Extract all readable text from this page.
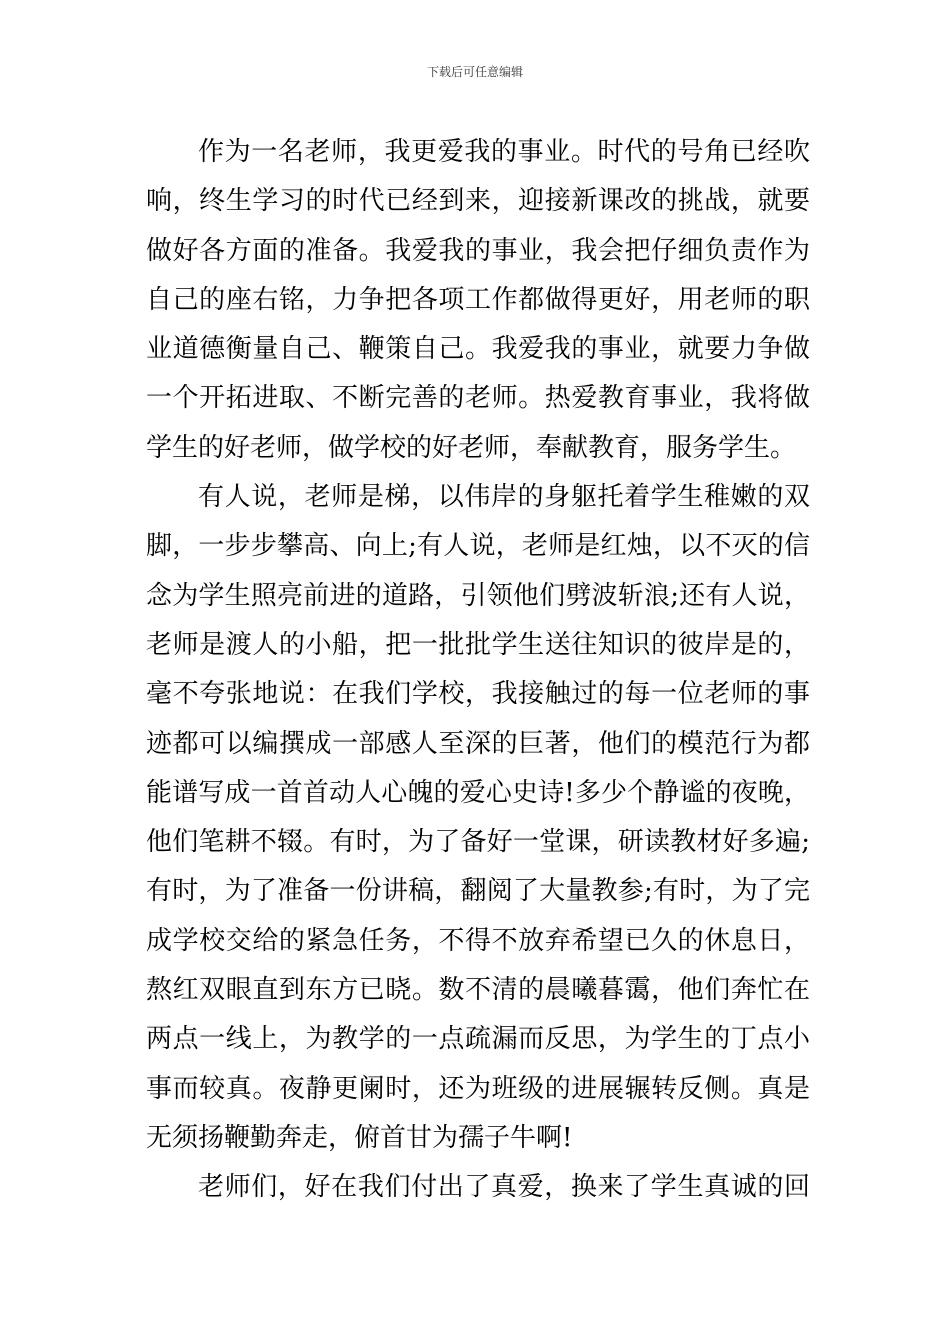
下载后可任意编辑
作为一名老师，我更爱我的事业。时代的号角已经吹
响，终生学习的时代已经到来，迎接新课改的挑战，就要
做好各方面的准备。我爱我的事业，我会把仔细负责作为
自己的座右铭，力争把各项工作都做得更好，用老师的职
业道德衡量自己、鞭策自己。我爱我的事业，就要力争做
一个开拓进取、不断完善的老师。热爱教育事业，我将做
学生的好老师，做学校的好老师，奉献教育，服务学生。
有人说，老师是梯，以伟岸的身躯托着学生稚嫩的双
脚，一步步攀高、向上;有人说，老师是红烛，以不灭的信
念为学生照亮前进的道路，引领他们劈波斩浪;还有人说，
老师是渡人的小船，把一批批学生送往知识的彼岸是的，
毫不夸张地说：在我们学校，我接触过的每一位老师的事
迹都可以编撰成一部感人至深的巨著，他们的模范行为都
能谱写成一首首动人心魄的爱心史诗!多少个静谧的夜晚，
他们笔耕不辍。有时，为了备好一堂课，研读教材好多遍;
有时，为了准备一份讲稿，翻阅了大量教参;有时，为了完
成学校交给的紧急任务，不得不放弃希望已久的休息日，
熬红双眼直到东方已晓。数不清的晨曦暮霭，他们奔忙在
两点一线上，为教学的一点疏漏而反思，为学生的丁点小
事而较真。夜静更阑时，还为班级的进展辗转反侧。真是
无须扬鞭勤奔走，俯首甘为孺子牛啊!
老师们，好在我们付出了真爱，换来了学生真诚的回
